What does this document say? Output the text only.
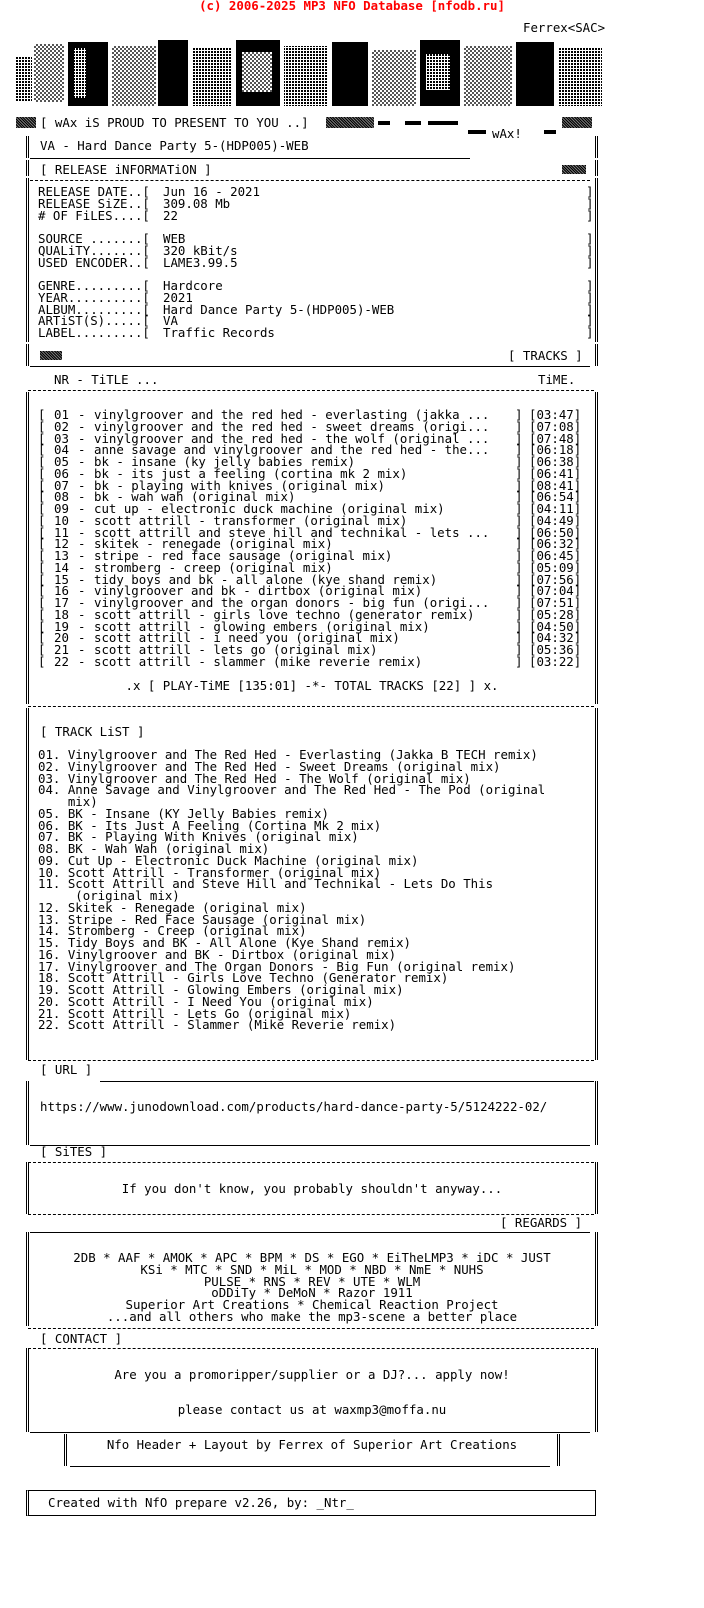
(c) 2006-2025 MP3 NFO Database [nfodb.ru]
Ferrex<SAC>
[ wAx iS PROUD TO PRESENT TO YOU ..]
wAx!
VA - Hard Dance Party 5-(HDP005)-WEB
[ RELEASE iNFORMATiON ]
RELEASE DATE..[ Jun 16 - 2021	]
RELEASE SiZE..[ 309.08 Mb	]
# OF FiLES....[ 22	]
SOURCE .......[ WEB	]
QUALiTY.......[ 320 kBit/s	]
USED ENCODER..[ LAME3.99.5	]
GENRE.........[ Hardcore	]
YEAR..........[ 2021	]
ALBUM.........[ Hard Dance Party 5-(HDP005)-WEB	]
ARTiST(S).....[ VA	]
LABEL.........[ Traffic Records	]
[ TRACKS ]
NR - TiTLE ...	TiME.
[ 01 - vinylgroover and the red hed - everlasting (jakka ... ] [03:47]
[ 02 - vinylgroover and the red hed - sweet dreams (origi... ] [07:08]
[ 03 - vinylgroover and the red hed - the wolf (original ... ] [07:48]
[ 04 - anne savage and vinylgroover and the red hed - the... ] [06:18]
[ 05 - bk - insane (ky jelly babies remix)	] [06:38]
[ 06 - bk - its just a feeling (cortina mk 2 mix)	] [06:41]
[ 07 - bk - playing with knives (original mix)	] [08:41]
[ 08 - bk - wah wah (original mix)	] [06:54]
[ 09 - cut up - electronic duck machine (original mix)	] [04:11]
[ 10 - scott attrill - transformer (original mix)	] [04:49]
[ 11 - scott attrill and steve hill and technikal - lets ... ] [06:50]
[ 12 - skitek - renegade (original mix)	] [06:32]
[ 13 - stripe - red face sausage (original mix)	] [06:45]
[ 14 - stromberg - creep (original mix)	] [05:09]
[ 15 - tidy boys and bk - all alone (kye shand remix)	] [07:56]
[ 16 - vinylgroover and bk - dirtbox (original mix)	] [07:04]
[ 17 - vinylgroover and the organ donors - big fun (origi... ] [07:51]
[ 18 - scott attrill - girls love techno (generator remix)	] [05:28]
[ 19 - scott attrill - glowing embers (original mix)	] [04:50]
[ 20 - scott attrill - i need you (original mix)	] [04:32]
[ 21 - scott attrill - lets go (original mix)	] [05:36]
[ 22 - scott attrill - slammer (mike reverie remix)	] [03:22]
.x [ PLAY-TiME [135:01] -*- TOTAL TRACKS [22] ] x.
[ TRACK LiST ]
01. Vinylgroover and The Red Hed - Everlasting (Jakka B TECH remix)
02. Vinylgroover and The Red Hed - Sweet Dreams (original mix)
03. Vinylgroover and The Red Hed - The Wolf (original mix)
04. Anne Savage and Vinylgroover and The Red Hed - The Pod (original
mix)
05. BK - Insane (KY Jelly Babies remix)
06. BK - Its Just A Feeling (Cortina Mk 2 mix)
07. BK - Playing With Knives (original mix)
08. BK - Wah Wah (original mix)
09. Cut Up - Electronic Duck Machine (original mix)
10. Scott Attrill - Transformer (original mix)
11. Scott Attrill and Steve Hill and Technikal - Lets Do This
(original mix)
12. Skitek - Renegade (original mix)
13. Stripe - Red Face Sausage (original mix)
14. Stromberg - Creep (original mix)
15. Tidy Boys and BK - All Alone (Kye Shand remix)
16. Vinylgroover and BK - Dirtbox (original mix)
17. Vinylgroover and The Organ Donors - Big Fun (original remix)
18. Scott Attrill - Girls Love Techno (Generator remix)
19. Scott Attrill - Glowing Embers (original mix)
20. Scott Attrill - I Need You (original mix)
21. Scott Attrill - Lets Go (original mix)
22. Scott Attrill - Slammer (Mike Reverie remix)
[ URL ]
https://www.junodownload.com/products/hard-dance-party-5/5124222-02/
[ SiTES ]
If you don't know, you probably shouldn't anyway...
[ REGARDS ]
2DB * AAF * AMOK * APC * BPM * DS * EGO * EiTheLMP3 * iDC * JUST
KSi * MTC * SND * MiL * MOD * NBD * NmE * NUHS
PULSE * RNS * REV * UTE * WLM
oDDiTy * DeMoN * Razor 1911
Superior Art Creations * Chemical Reaction Project
...and all others who make the mp3-scene a better place
[ CONTACT ]
Are you a promoripper/supplier or a DJ?... apply now!
please contact us at waxmp3@moffa.nu
Nfo Header + Layout by Ferrex of Superior Art Creations
Created with NfO prepare v2.26, by: _Ntr_
